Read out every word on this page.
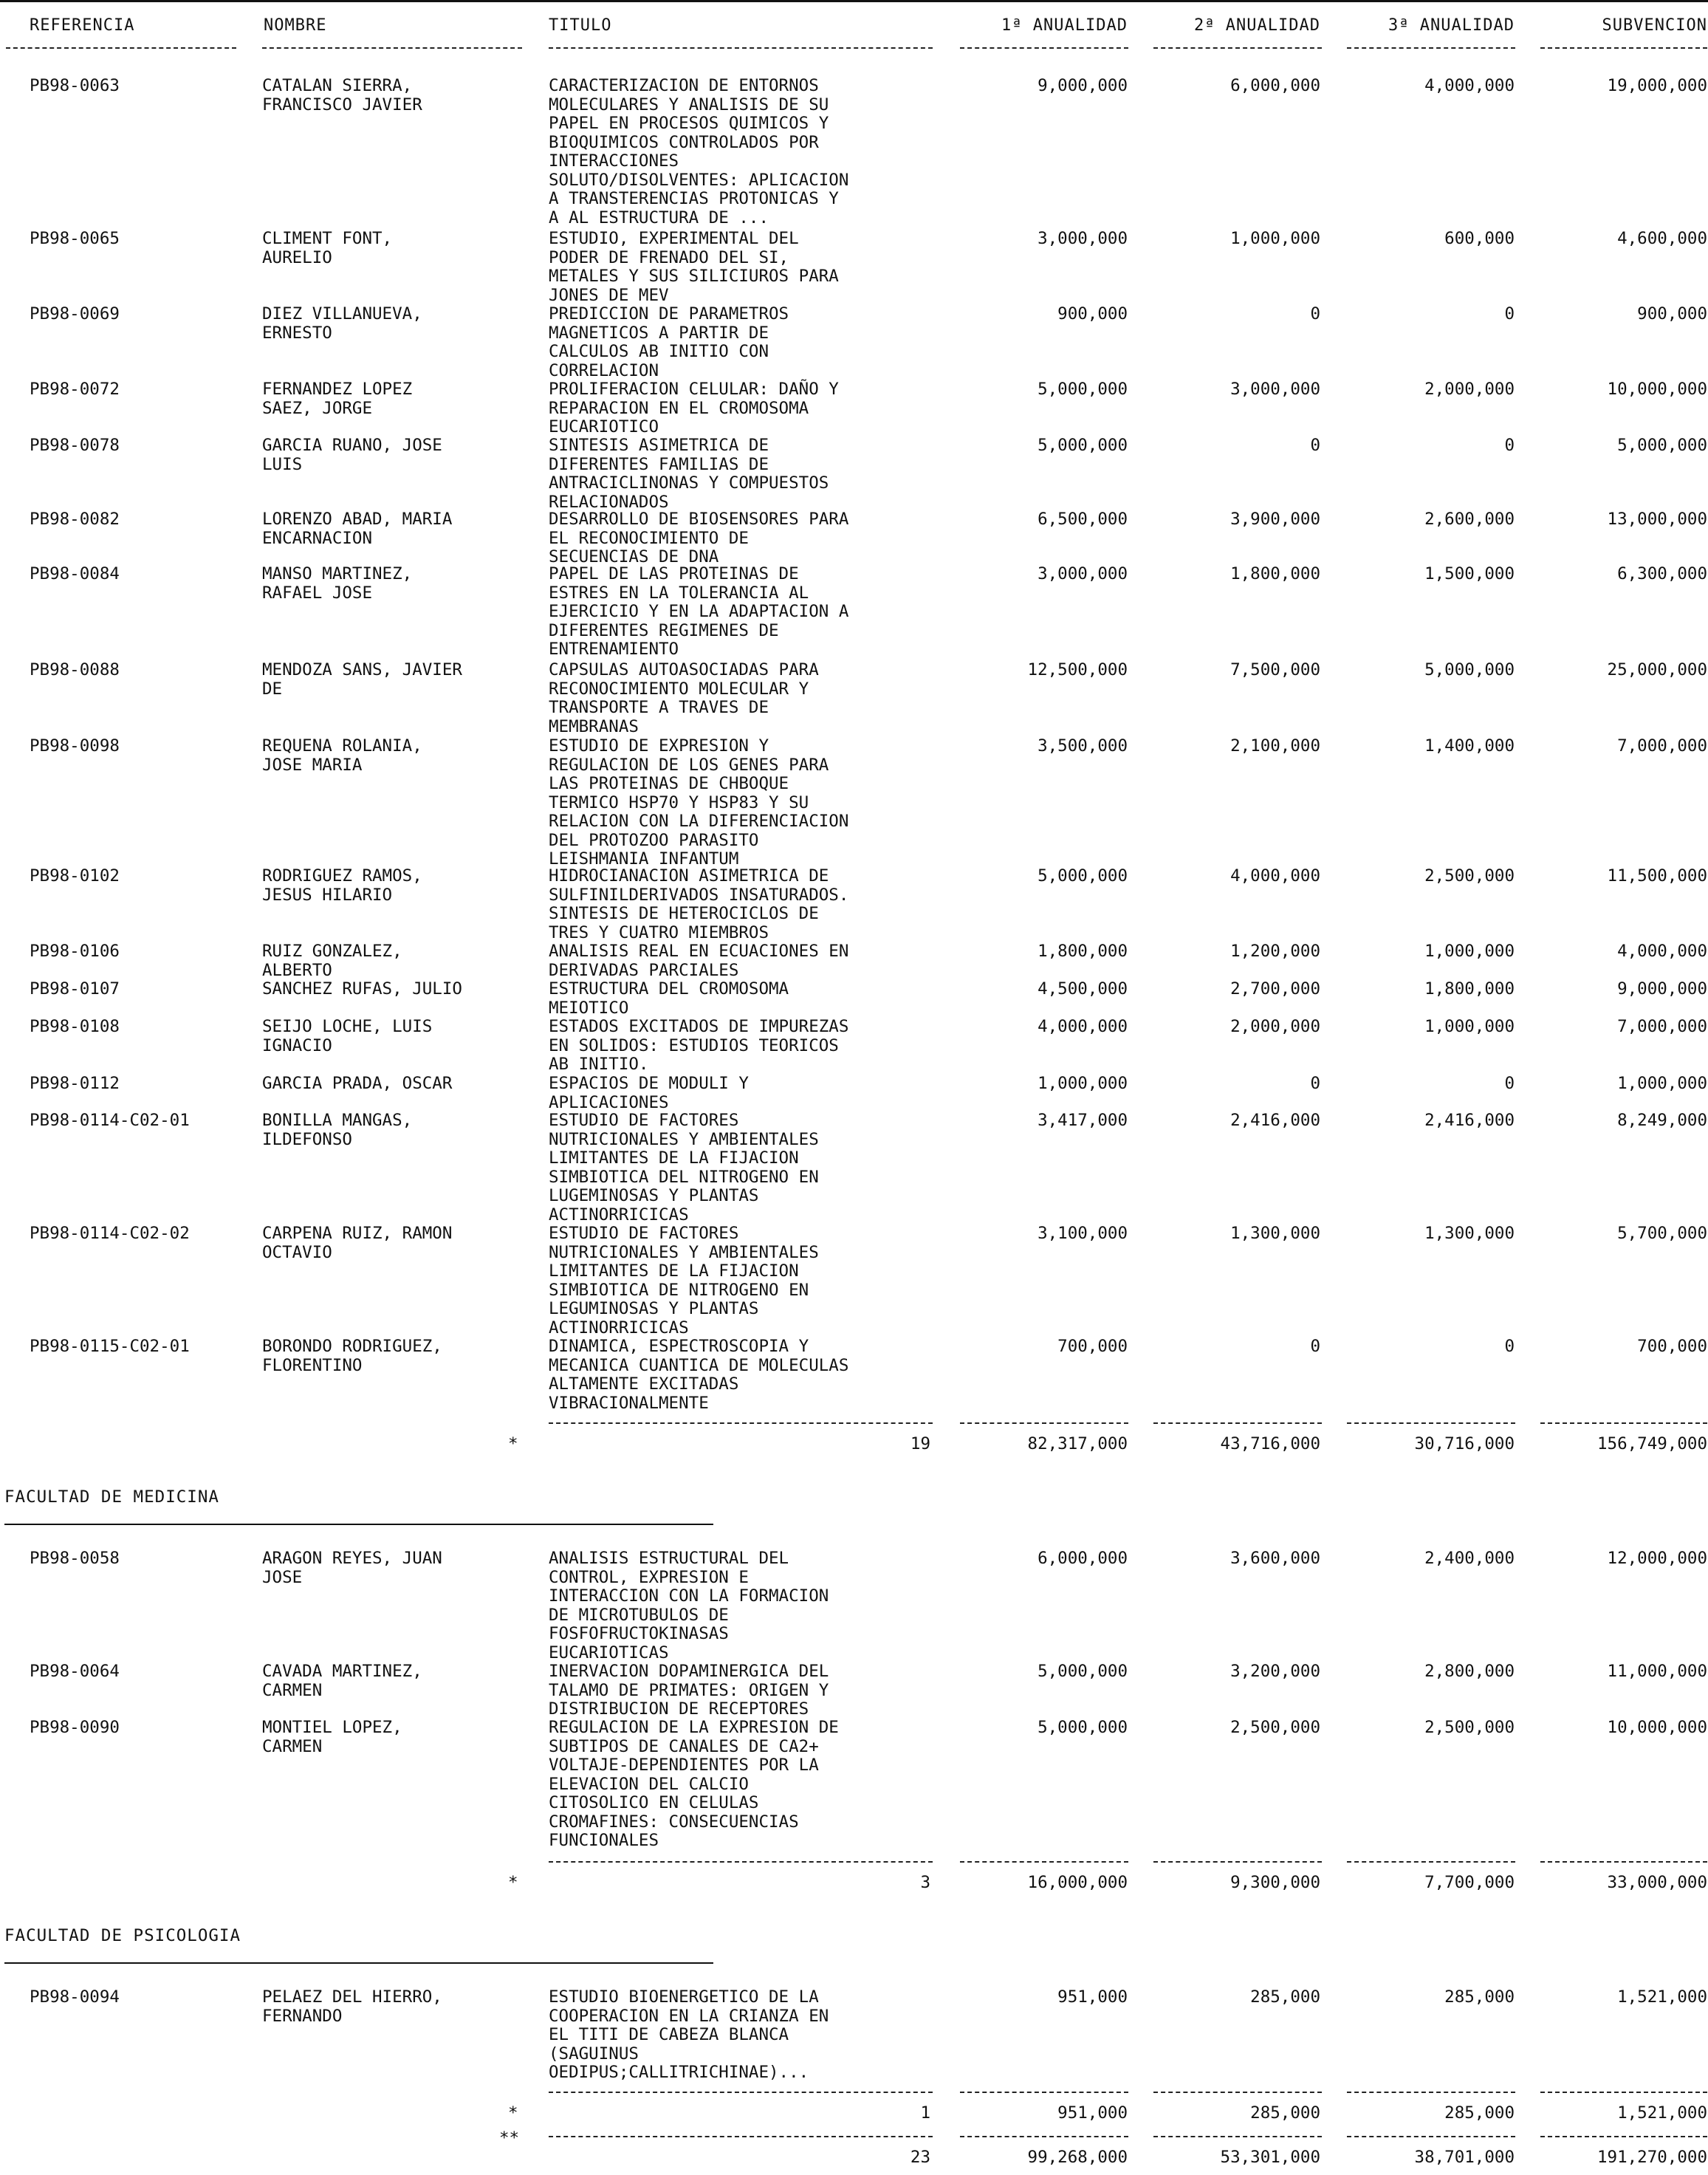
REFERENCIA	NOMBRE	TITULO	1ª ANUALIDAD	2ª ANUALIDAD	3ª ANUALIDAD	SUBVENCION
PB98-0063	CATALAN SIERRA,
FRANCISCO JAVIER
CARACTERIZACION DE ENTORNOS
MOLECULARES Y ANALISIS DE SU
PAPEL EN PROCESOS QUIMICOS Y
BIOQUIMICOS CONTROLADOS POR
INTERACCIONES
SOLUTO/DISOLVENTES: APLICACION
A TRANSTERENCIAS PROTONICAS Y
A AL ESTRUCTURA DE ...
9,000,000	6,000,000	4,000,000	19,000,000
PB98-0065	CLIMENT FONT,
AURELIO
ESTUDIO, EXPERIMENTAL DEL
PODER DE FRENADO DEL SI,
METALES Y SUS SILICIUROS PARA
JONES DE MEV
3,000,000	1,000,000	600,000	4,600,000
PB98-0069	DIEZ VILLANUEVA,
ERNESTO
PREDICCION DE PARAMETROS
MAGNETICOS A PARTIR DE
CALCULOS AB INITIO CON
CORRELACION
900,000	0	0	900,000
PB98-0072	FERNANDEZ LOPEZ
SAEZ, JORGE
PROLIFERACION CELULAR: DAÑO Y
REPARACION EN EL CROMOSOMA
EUCARIOTICO
5,000,000	3,000,000	2,000,000	10,000,000
PB98-0078	GARCIA RUANO, JOSE
LUIS
SINTESIS ASIMETRICA DE
DIFERENTES FAMILIAS DE
ANTRACICLINONAS Y COMPUESTOS
RELACIONADOS
5,000,000	0	0	5,000,000
PB98-0082	LORENZO ABAD, MARIA
ENCARNACION
DESARROLLO DE BIOSENSORES PARA
EL RECONOCIMIENTO DE
SECUENCIAS DE DNA
6,500,000	3,900,000	2,600,000	13,000,000
PB98-0084	MANSO MARTINEZ,
RAFAEL JOSE
PAPEL DE LAS PROTEINAS DE
ESTRES EN LA TOLERANCIA AL
EJERCICIO Y EN LA ADAPTACION A
DIFERENTES REGIMENES DE
ENTRENAMIENTO
3,000,000	1,800,000	1,500,000	6,300,000
PB98-0088	MENDOZA SANS, JAVIER
DE
CAPSULAS AUTOASOCIADAS PARA
RECONOCIMIENTO MOLECULAR Y
TRANSPORTE A TRAVES DE
MEMBRANAS
12,500,000	7,500,000	5,000,000	25,000,000
PB98-0098	REQUENA ROLANIA,
JOSE MARIA
ESTUDIO DE EXPRESION Y
REGULACION DE LOS GENES PARA
LAS PROTEINAS DE CHBOQUE
TERMICO HSP70 Y HSP83 Y SU
RELACION CON LA DIFERENCIACION
DEL PROTOZOO PARASITO
LEISHMANIA INFANTUM
3,500,000	2,100,000	1,400,000	7,000,000
PB98-0102	RODRIGUEZ RAMOS,
JESUS HILARIO
HIDROCIANACION ASIMETRICA DE
SULFINILDERIVADOS INSATURADOS.
SINTESIS DE HETEROCICLOS DE
TRES Y CUATRO MIEMBROS
5,000,000	4,000,000	2,500,000	11,500,000
PB98-0106	RUIZ GONZALEZ,
ALBERTO
ANALISIS REAL EN ECUACIONES EN
DERIVADAS PARCIALES
1,800,000	1,200,000	1,000,000	4,000,000
PB98-0107	SANCHEZ RUFAS, JULIO	ESTRUCTURA DEL CROMOSOMA
MEIOTICO
4,500,000	2,700,000	1,800,000	9,000,000
PB98-0108	SEIJO LOCHE, LUIS
IGNACIO
ESTADOS EXCITADOS DE IMPUREZAS
EN SOLIDOS: ESTUDIOS TEORICOS
AB INITIO.
4,000,000	2,000,000	1,000,000	7,000,000
PB98-0112	GARCIA PRADA, OSCAR	ESPACIOS DE MODULI Y
APLICACIONES
1,000,000	0	0	1,000,000
PB98-0114-C02-01	BONILLA MANGAS,
ILDEFONSO
ESTUDIO DE FACTORES
NUTRICIONALES Y AMBIENTALES
LIMITANTES DE LA FIJACION
SIMBIOTICA DEL NITROGENO EN
LUGEMINOSAS Y PLANTAS
ACTINORRICICAS
3,417,000	2,416,000	2,416,000	8,249,000
PB98-0114-C02-02	CARPENA RUIZ, RAMON
OCTAVIO
ESTUDIO DE FACTORES
NUTRICIONALES Y AMBIENTALES
LIMITANTES DE LA FIJACION
SIMBIOTICA DE NITROGENO EN
LEGUMINOSAS Y PLANTAS
ACTINORRICICAS
3,100,000	1,300,000	1,300,000	5,700,000
PB98-0115-C02-01	BORONDO RODRIGUEZ,
FLORENTINO
DINAMICA, ESPECTROSCOPIA Y
MECANICA CUANTICA DE MOLECULAS
ALTAMENTE EXCITADAS
VIBRACIONALMENTE
700,000	0	0	700,000
*	19	82,317,000	43,716,000	30,716,000	156,749,000
FACULTAD DE MEDICINA
PB98-0058	ARAGON REYES, JUAN
JOSE
ANALISIS ESTRUCTURAL DEL
CONTROL, EXPRESION E
INTERACCION CON LA FORMACION
DE MICROTUBULOS DE
FOSFOFRUCTOKINASAS
EUCARIOTICAS
6,000,000	3,600,000	2,400,000	12,000,000
PB98-0064	CAVADA MARTINEZ,
CARMEN
INERVACION DOPAMINERGICA DEL
TALAMO DE PRIMATES: ORIGEN Y
DISTRIBUCION DE RECEPTORES
5,000,000	3,200,000	2,800,000	11,000,000
PB98-0090	MONTIEL LOPEZ,
CARMEN
REGULACION DE LA EXPRESION DE
SUBTIPOS DE CANALES DE CA2+
VOLTAJE-DEPENDIENTES POR LA
ELEVACION DEL CALCIO
CITOSOLICO EN CELULAS
CROMAFINES: CONSECUENCIAS
FUNCIONALES
5,000,000	2,500,000	2,500,000	10,000,000
*	3	16,000,000	9,300,000	7,700,000	33,000,000
FACULTAD DE PSICOLOGIA
PB98-0094	PELAEZ DEL HIERRO,
FERNANDO
ESTUDIO BIOENERGETICO DE LA
COOPERACION EN LA CRIANZA EN
EL TITI DE CABEZA BLANCA
(SAGUINUS
OEDIPUS;CALLITRICHINAE)...
951,000	285,000	285,000	1,521,000
*	1	951,000	285,000	285,000	1,521,000
**
23	99,268,000	53,301,000	38,701,000	191,270,000
